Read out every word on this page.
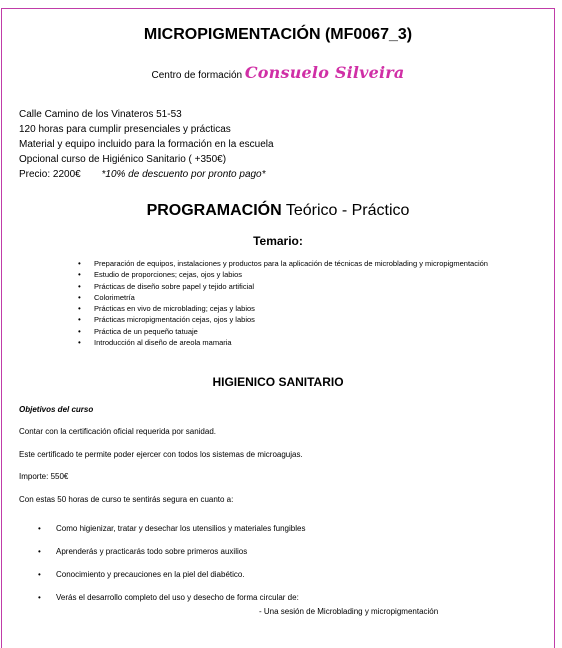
MICROPIGMENTACIÓN (MF0067_3)
Centro de formación Consuelo Silveira
Calle Camino de los Vinateros 51-53
120 horas para cumplir presenciales y prácticas
Material y equipo incluido para la formación en la escuela
Opcional curso de Higiénico Sanitario ( +350€)
Precio: 2200€ *10% de descuento por pronto pago*
PROGRAMACIÓN Teórico - Práctico
Temario:
• Preparación de equipos, instalaciones y productos para la aplicación de técnicas de microblading y micropigmentación
• Estudio de proporciones; cejas, ojos y labios
• Prácticas de diseño sobre papel y tejido artificial
• Colorimetría
• Prácticas en vivo de microblading; cejas y labios
• Prácticas micropigmentación cejas, ojos y labios
• Práctica de un pequeño tatuaje
• Introducción al diseño de areola mamaria
HIGIENICO SANITARIO
Objetivos del curso
Contar con la certificación oficial requerida por sanidad.
Este certificado te permite poder ejercer con todos los sistemas de microagujas.
Importe: 550€
Con estas 50 horas de curso te sentirás segura en cuanto a:
• Como higienizar, tratar y desechar los utensilios y materiales fungibles
• Aprenderás y practicarás todo sobre primeros auxilios
• Conocimiento y precauciones en la piel del diabético.
• Verás el desarrollo completo del uso y desecho de forma circular de:
- Una sesión de Microblading y micropigmentación
